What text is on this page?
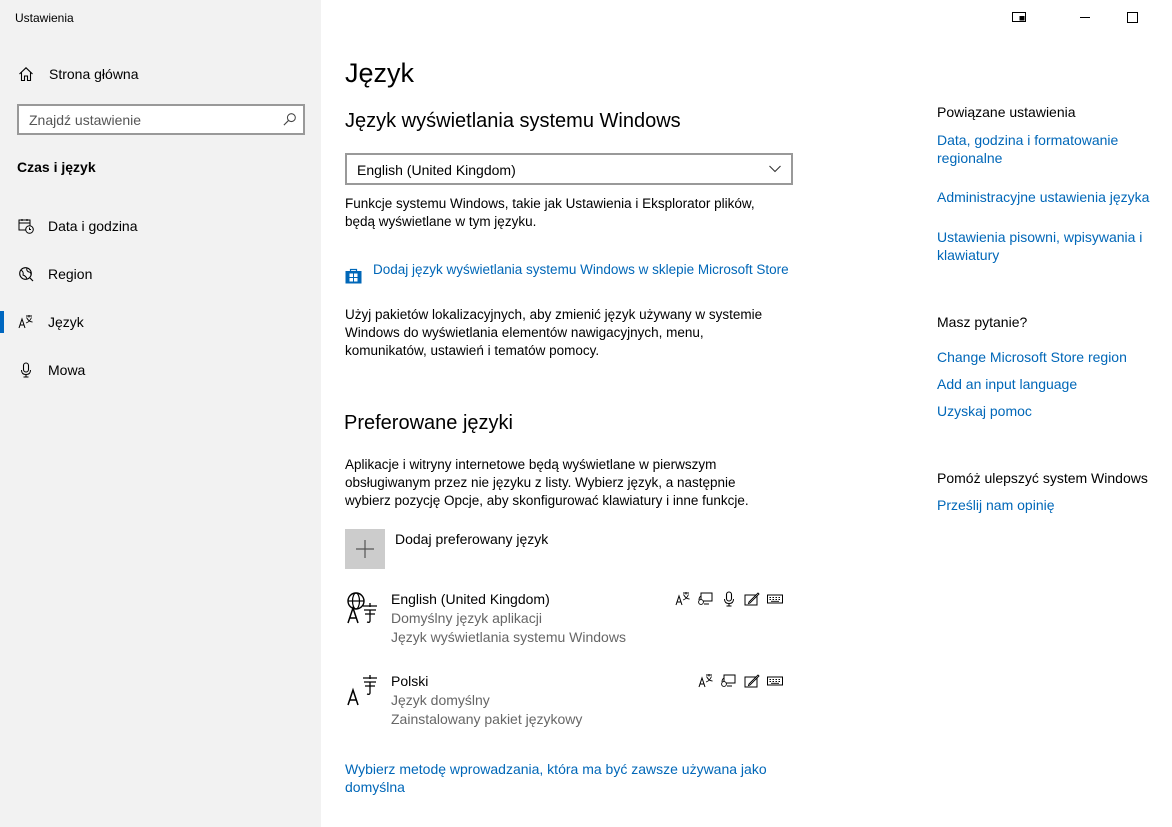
Ustawienia
Strona główna
Znajdź ustawienie
Czas i język
Data i godzina
Region
Język
Mowa
Język
Język wyświetlania systemu Windows
English (United Kingdom)

Funkcje systemu Windows, takie jak Ustawienia i Eksplorator plików, będą wyświetlane w tym języku.

Dodaj język wyświetlania systemu Windows w sklepie Microsoft Store

Użyj pakietów lokalizacyjnych, aby zmienić język używany w systemie Windows do wyświetlania elementów nawigacyjnych, menu, komunikatów, ustawień i tematów pomocy.

Preferowane języki

Aplikacje i witryny internetowe będą wyświetlane w pierwszym obsługiwanym przez nie języku z listy. Wybierz język, a następnie wybierz pozycję Opcje, aby skonfigurować klawiatury i inne funkcje.

Dodaj preferowany język
English (United Kingdom)
Domyślny język aplikacji
Język wyświetlania systemu Windows
Polski
Język domyślny
Zainstalowany pakiet językowy
Wybierz metodę wprowadzania, która ma być zawsze używana jako domyślna
Powiązane ustawienia
Data, godzina i formatowanie regionalne
Administracyjne ustawienia języka
Ustawienia pisowni, wpisywania i klawiatury
Masz pytanie?
Change Microsoft Store region
Add an input language
Uzyskaj pomoc
Pomóż ulepszyć system Windows
Prześlij nam opinię
